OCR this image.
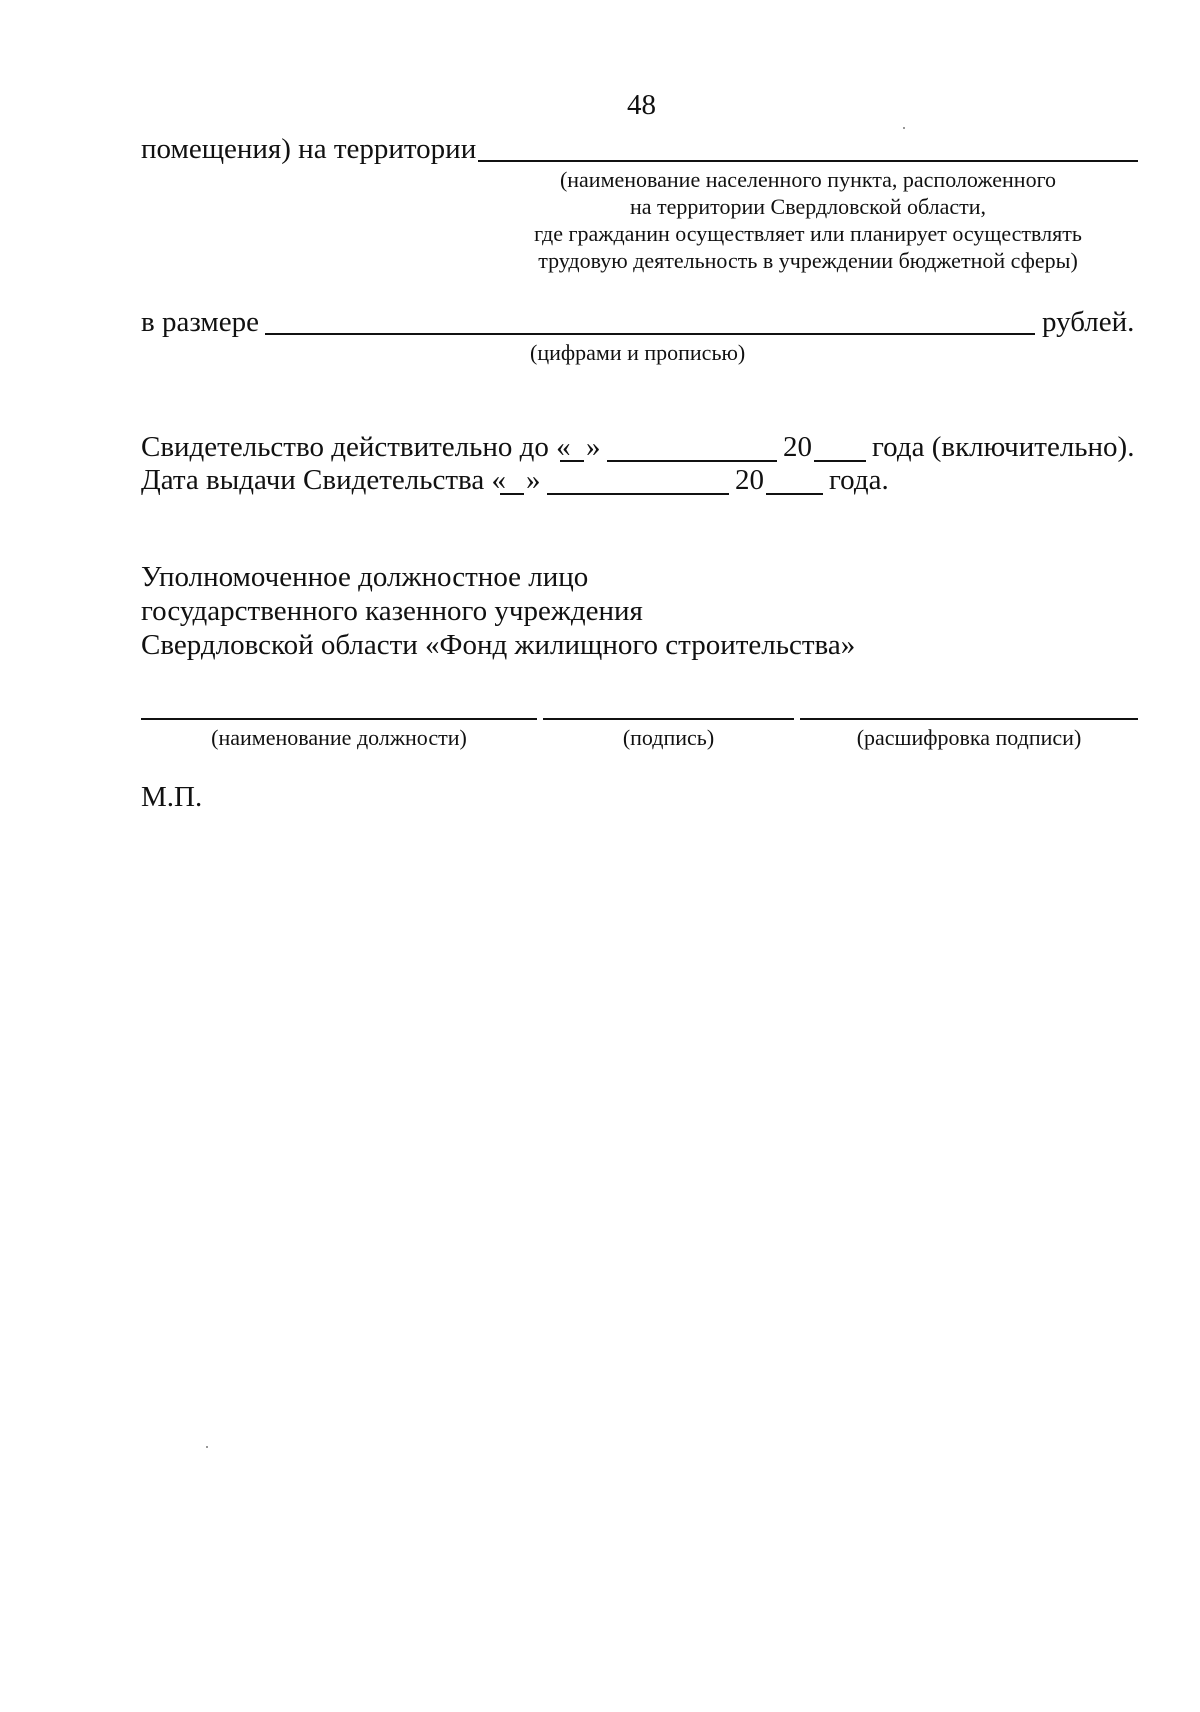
48
помещения) на территории
(наименование населенного пункта, расположенного
на территории Свердловской области,
где гражданин осуществляет или планирует осуществлять
трудовую деятельность в учреждении бюджетной сферы)
в размере	рублей.
(цифрами и прописью)
Свидетельство действительно до « »	20 года (включительно).
Дата выдачи Свидетельства « »	20 года.
Уполномоченное должностное лицо
государственного казенного учреждения
Свердловской области «Фонд жилищного строительства»
(наименование должности)	(подпись)	(расшифровка подписи)
М.П.
